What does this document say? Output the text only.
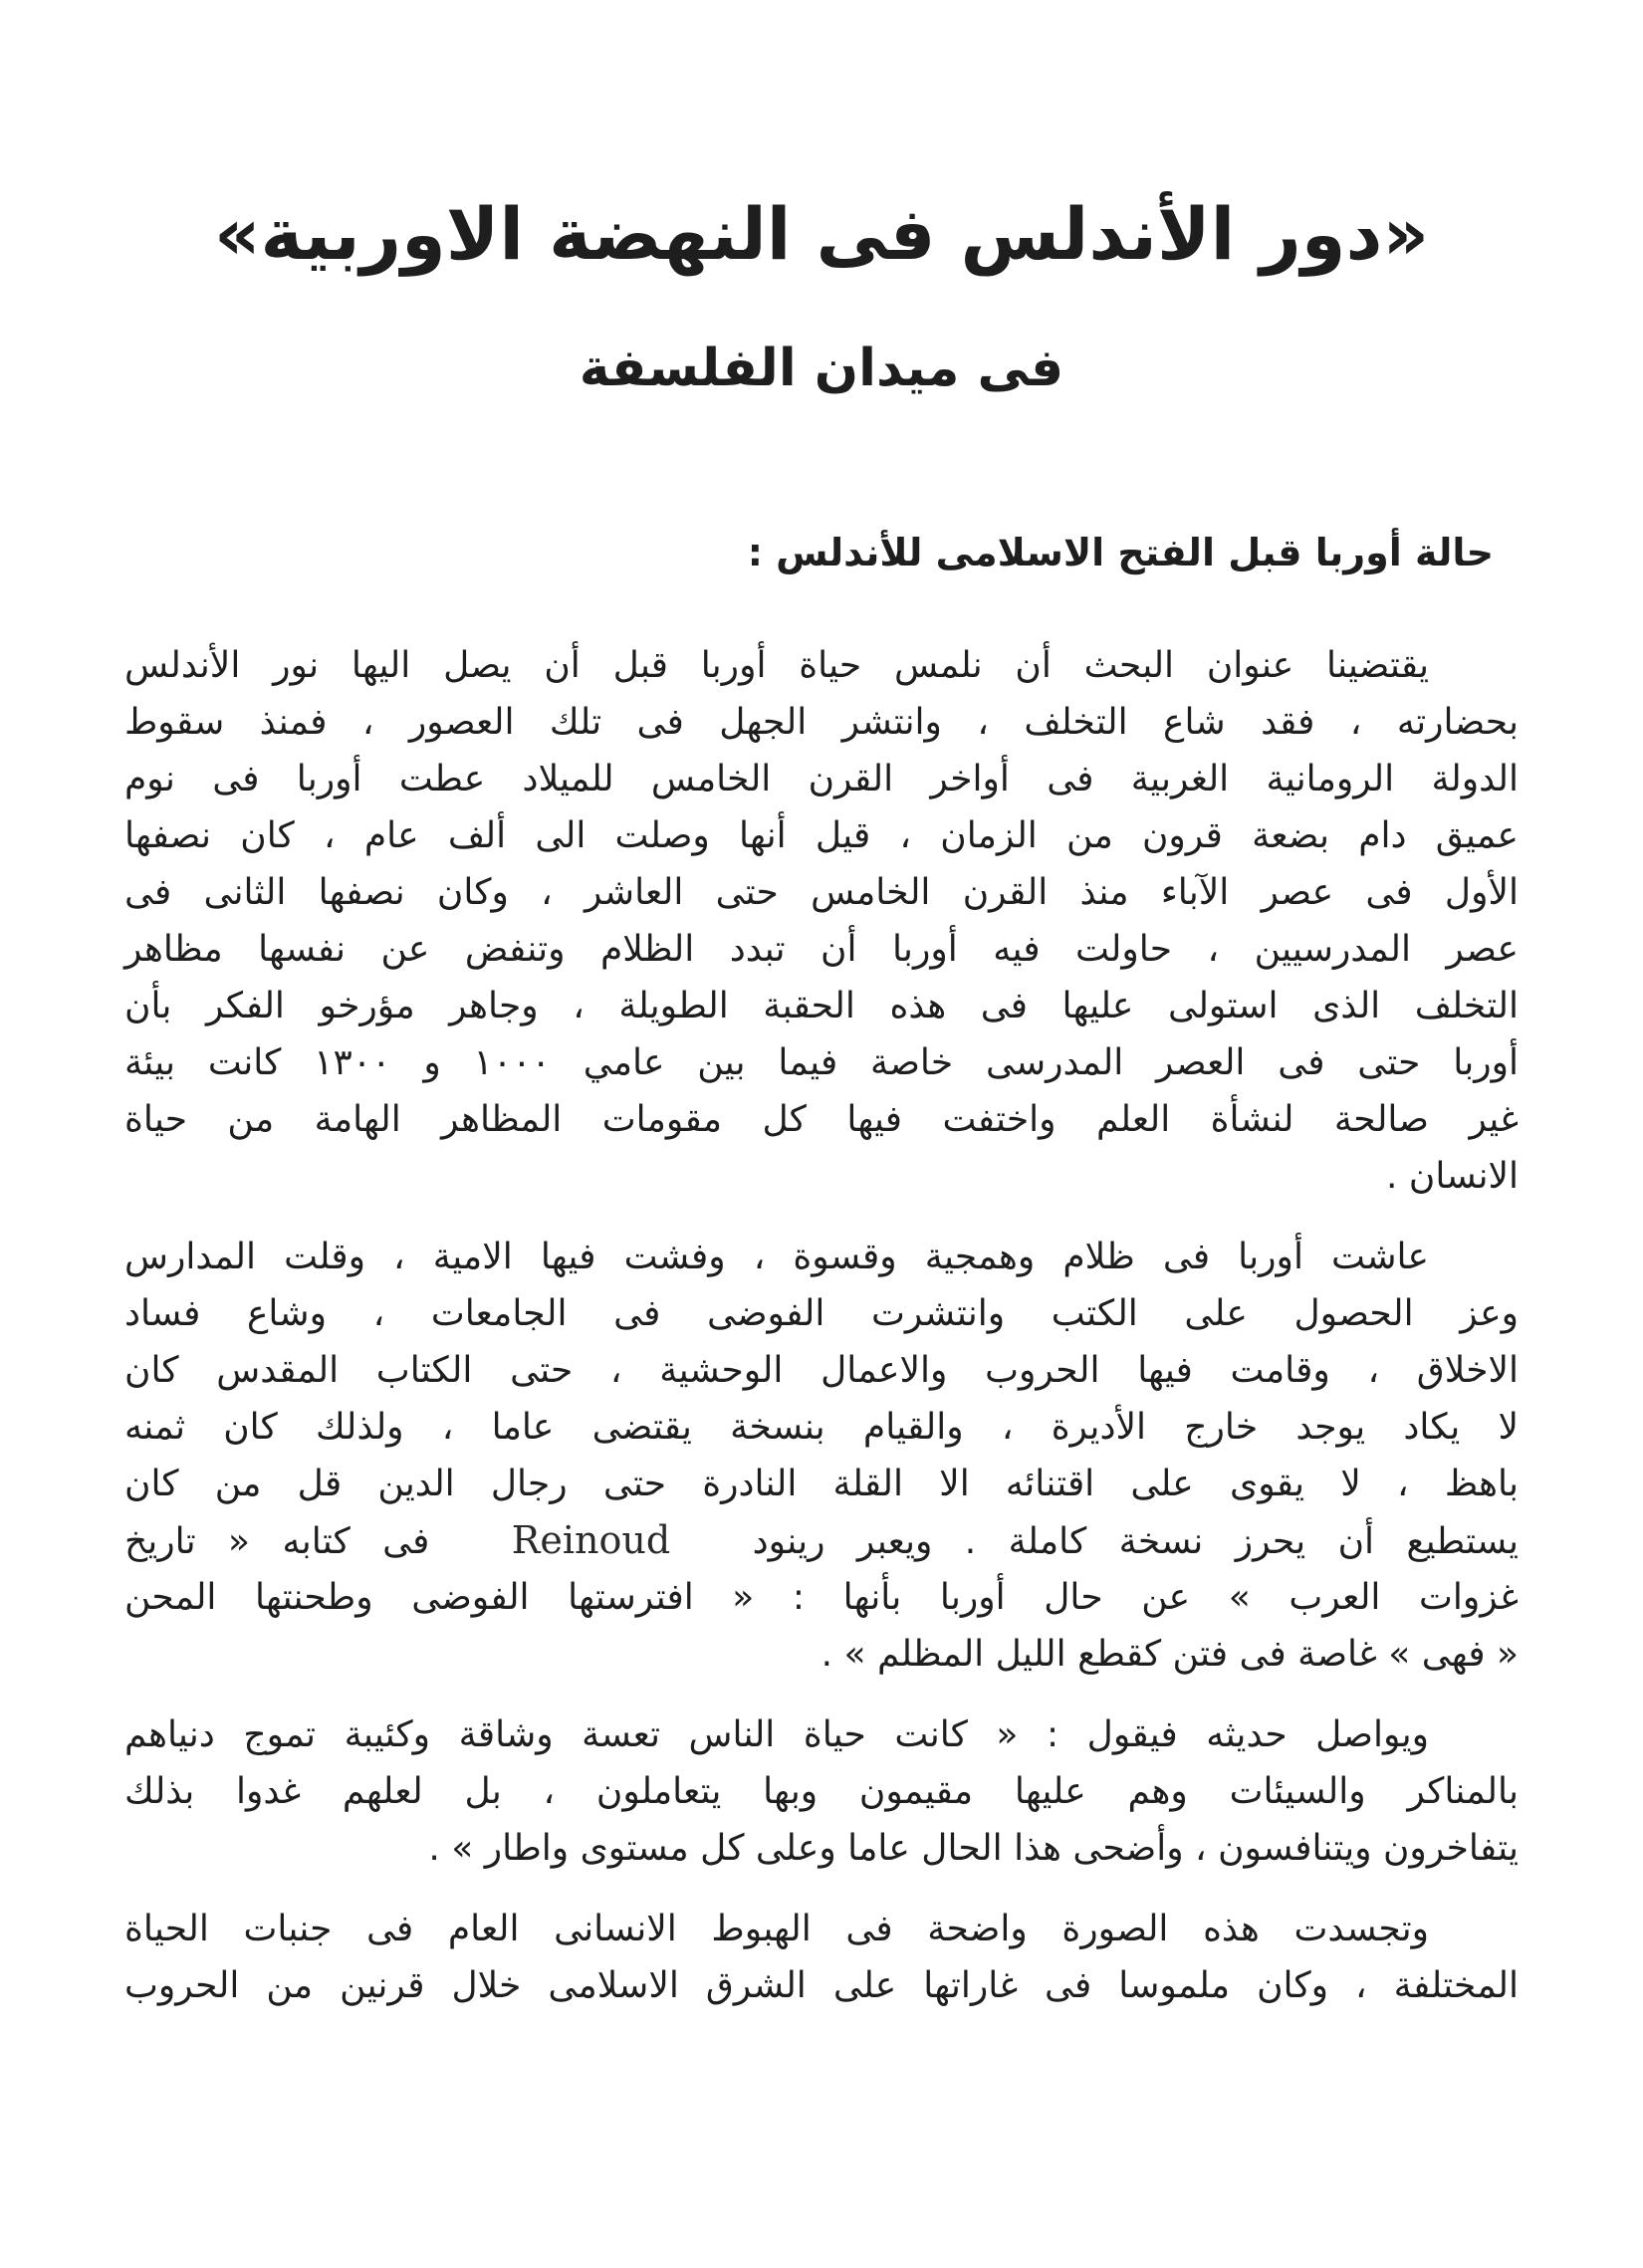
«دور الأندلس فى النهضة الاوربية»
فى ميدان الفلسفة
حالة أوربا قبل الفتح الاسلامى للأندلس :

يقتضينا عنوان البحث أن نلمس حياة أوربا قبل أن يصل اليها نور الأندلس
بحضارته ، فقد شاع التخلف ، وانتشر الجهل فى تلك العصور ، فمنذ سقوط
الدولة الرومانية الغربية فى أواخر القرن الخامس للميلاد عطت أوربا فى نوم
عميق دام بضعة قرون من الزمان ، قيل أنها وصلت الى ألف عام ، كان نصفها
الأول فى عصر الآباء منذ القرن الخامس حتى العاشر ، وكان نصفها الثانى فى
عصر المدرسيين ، حاولت فيه أوربا أن تبدد الظلام وتنفض عن نفسها مظاهر
التخلف الذى استولى عليها فى هذه الحقبة الطويلة ، وجاهر مؤرخو الفكر بأن
أوربا حتى فى العصر المدرسى خاصة فيما بين عامي ١٠٠٠ و ١٣٠٠ كانت بيئة
غير صالحة لنشأة العلم واختفت فيها كل مقومات المظاهر الهامة من حياة
الانسان .

عاشت أوربا فى ظلام وهمجية وقسوة ، وفشت فيها الامية ، وقلت المدارس
وعز الحصول على الكتب وانتشرت الفوضى فى الجامعات ، وشاع فساد
الاخلاق ، وقامت فيها الحروب والاعمال الوحشية ، حتى الكتاب المقدس كان
لا يكاد يوجد خارج الأديرة ، والقيام بنسخة يقتضى عاما ، ولذلك كان ثمنه
باهظ ، لا يقوى على اقتنائه الا القلة النادرة حتى رجال الدين قل من كان
يستطيع أن يحرز نسخة كاملة . ويعبر رينود Reinoud فى كتابه « تاريخ
غزوات العرب » عن حال أوربا بأنها : « افترستها الفوضى وطحنتها المحن
« فهى » غاصة فى فتن كقطع الليل المظلم » .

ويواصل حديثه فيقول : « كانت حياة الناس تعسة وشاقة وكئيبة تموج دنياهم
بالمناكر والسيئات وهم عليها مقيمون وبها يتعاملون ، بل لعلهم غدوا بذلك
يتفاخرون ويتنافسون ، وأضحى هذا الحال عاما وعلى كل مستوى واطار » .

وتجسدت هذه الصورة واضحة فى الهبوط الانسانى العام فى جنبات الحياة
المختلفة ، وكان ملموسا فى غاراتها على الشرق الاسلامى خلال قرنين من الحروب
